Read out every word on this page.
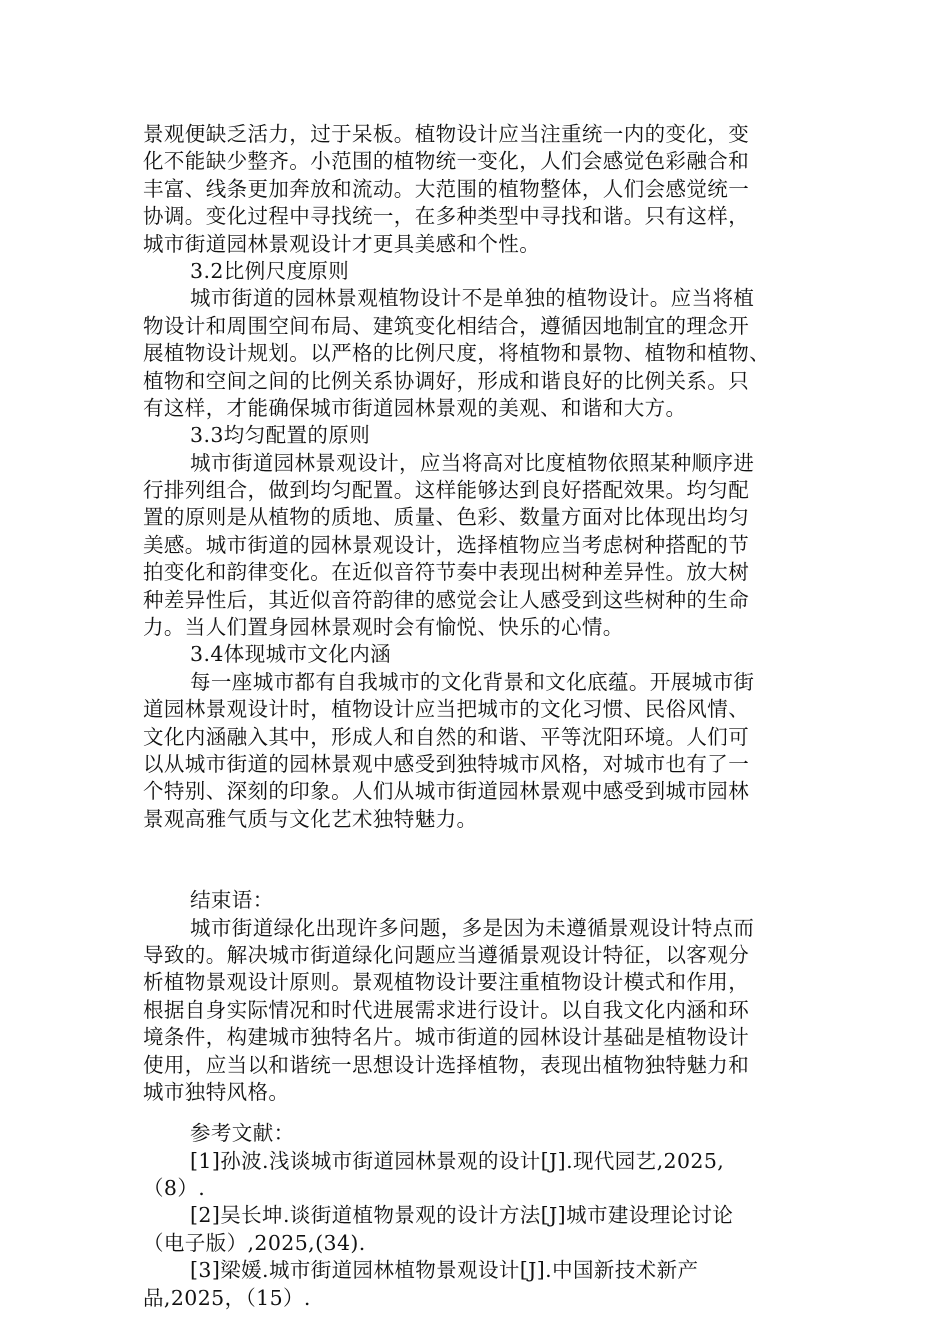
景观便缺乏活力，过于呆板。植物设计应当注重统一内的变化，变
化不能缺少整齐。小范围的植物统一变化，人们会感觉色彩融合和
丰富、线条更加奔放和流动。大范围的植物整体，人们会感觉统一
协调。变化过程中寻找统一，在多种类型中寻找和谐。只有这样，
城市街道园林景观设计才更具美感和个性。
3.2比例尺度原则
城市街道的园林景观植物设计不是单独的植物设计。应当将植
物设计和周围空间布局、建筑变化相结合，遵循因地制宜的理念开
展植物设计规划。以严格的比例尺度，将植物和景物、植物和植物、
植物和空间之间的比例关系协调好，形成和谐良好的比例关系。只
有这样，才能确保城市街道园林景观的美观、和谐和大方。
3.3均匀配置的原则
城市街道园林景观设计，应当将高对比度植物依照某种顺序进
行排列组合，做到均匀配置。这样能够达到良好搭配效果。均匀配
置的原则是从植物的质地、质量、色彩、数量方面对比体现出均匀
美感。城市街道的园林景观设计，选择植物应当考虑树种搭配的节
拍变化和韵律变化。在近似音符节奏中表现出树种差异性。放大树
种差异性后，其近似音符韵律的感觉会让人感受到这些树种的生命
力。当人们置身园林景观时会有愉悦、快乐的心情。
3.4体现城市文化内涵
每一座城市都有自我城市的文化背景和文化底蕴。开展城市街
道园林景观设计时，植物设计应当把城市的文化习惯、民俗风情、
文化内涵融入其中，形成人和自然的和谐、平等沈阳环境。人们可
以从城市街道的园林景观中感受到独特城市风格，对城市也有了一
个特别、深刻的印象。人们从城市街道园林景观中感受到城市园林
景观高雅气质与文化艺术独特魅力。
结束语：
城市街道绿化出现许多问题，多是因为未遵循景观设计特点而
导致的。解决城市街道绿化问题应当遵循景观设计特征，以客观分
析植物景观设计原则。景观植物设计要注重植物设计模式和作用，
根据自身实际情况和时代进展需求进行设计。以自我文化内涵和环
境条件，构建城市独特名片。城市街道的园林设计基础是植物设计
使用，应当以和谐统一思想设计选择植物，表现出植物独特魅力和
城市独特风格。
参考文献：
[1]孙波.浅谈城市街道园林景观的设计[J].现代园艺,2025,
（8）.
[2]吴长坤.谈街道植物景观的设计方法[J]城市建设理论讨论
（电子版）,2025,(34).
[3]梁媛.城市街道园林植物景观设计[J].中国新技术新产
品,2025，（15）.
